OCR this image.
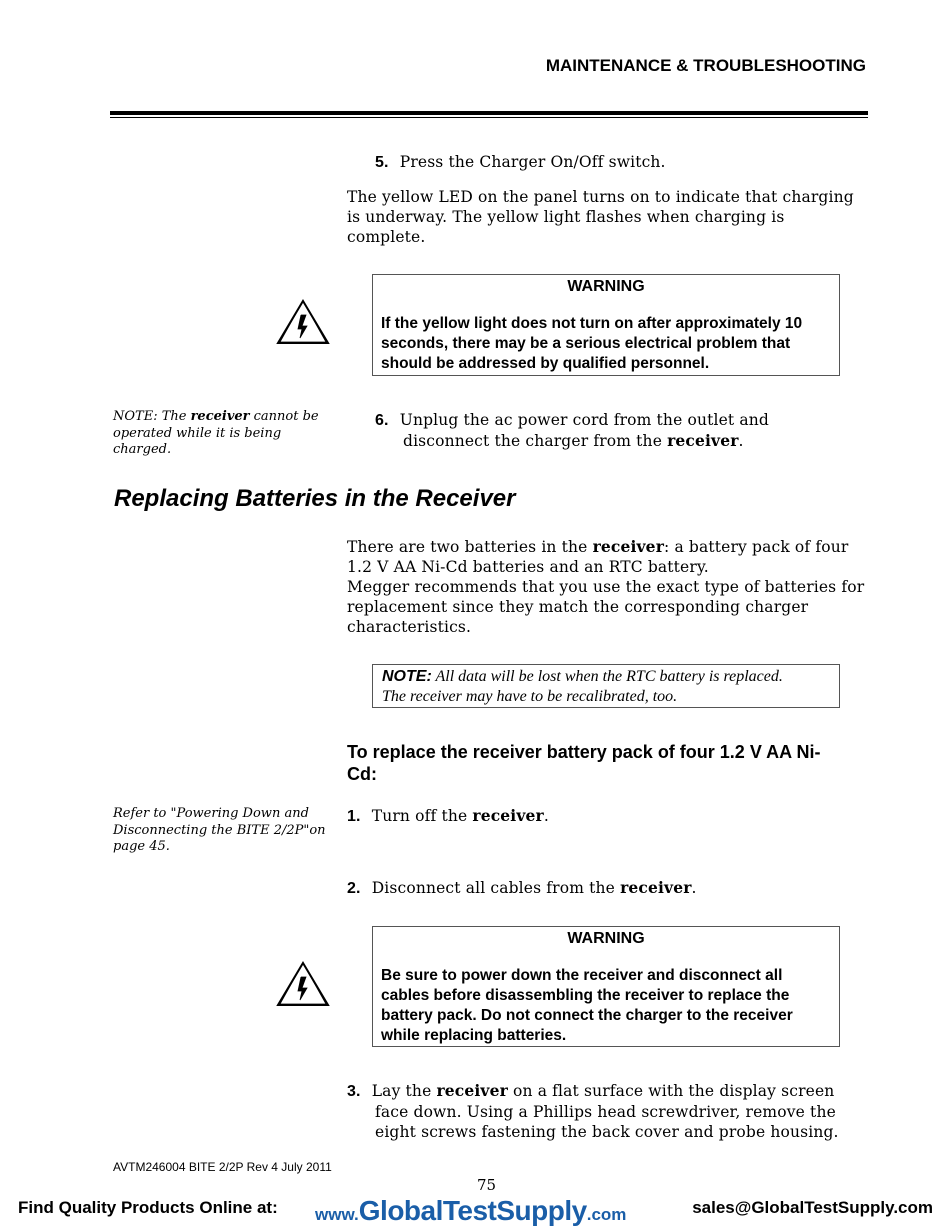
MAINTENANCE & TROUBLESHOOTING
5. Press the Charger On/Off switch.
The yellow LED on the panel turns on to indicate that charging is underway. The yellow light flashes when charging is complete.
WARNING
If the yellow light does not turn on after approximately 10
seconds, there may be a serious electrical problem that
should be addressed by qualified personnel.
NOTE: The receiver cannot be operated while it is being charged.
6. Unplug the ac power cord from the outlet and
disconnect the charger from the receiver.
Replacing Batteries in the Receiver
There are two batteries in the receiver: a battery pack of four 1.2 V AA Ni-Cd batteries and an RTC battery.
Megger recommends that you use the exact type of batteries for replacement since they match the corresponding charger characteristics.
NOTE: All data will be lost when the RTC battery is replaced.
The receiver may have to be recalibrated, too.
To replace the receiver battery pack of four 1.2 V AA Ni-
Cd:
Refer to "Powering Down and Disconnecting the BITE 2/2P"on page 45.
1. Turn off the receiver.
2. Disconnect all cables from the receiver.
WARNING
Be sure to power down the receiver and disconnect all
cables before disassembling the receiver to replace the
battery pack. Do not connect the charger to the receiver
while replacing batteries.
3. Lay the receiver on a flat surface with the display screen
face down. Using a Phillips head screwdriver, remove the
eight screws fastening the back cover and probe housing.
AVTM246004 BITE 2/2P Rev 4 July 2011
75
Find Quality Products Online at: www.GlobalTestSupply.com	sales@GlobalTestSupply.com
